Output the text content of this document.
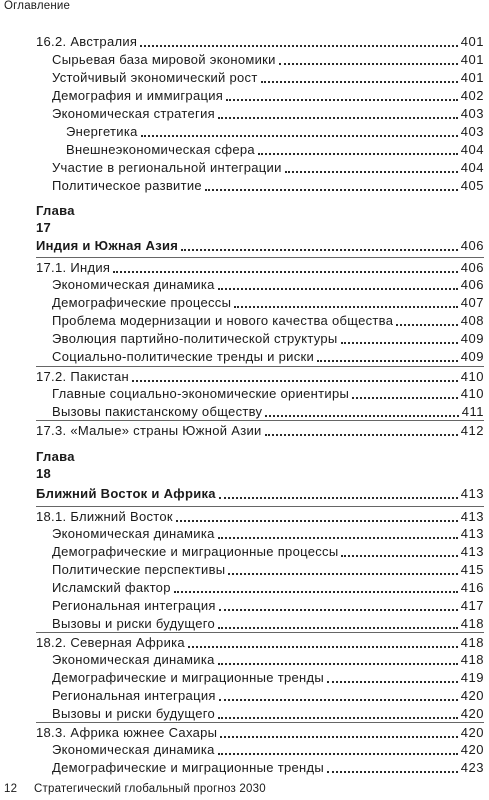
Оглавление
16.2. Австралия	401
Сырьевая база мировой экономики	401
Устойчивый экономический рост	401
Демография и иммиграция	402
Экономическая стратегия	403
Энергетика	403
Внешнеэкономическая сфера	404
Участие в региональной интеграции	404
Политическое развитие	405
Глава
17
Индия и Южная Азия	406
17.1. Индия	406
Экономическая динамика	406
Демографические процессы	407
Проблема модернизации и нового качества общества	408
Эволюция партийно-политической структуры	409
Социально-политические тренды и риски	409
17.2. Пакистан	410
Главные социально-экономические ориентиры	410
Вызовы пакистанскому обществу	411
17.3. «Малые» страны Южной Азии	412
Глава
18
Ближний Восток и Африка	413
18.1. Ближний Восток	413
Экономическая динамика	413
Демографические и миграционные процессы	413
Политические перспективы	415
Исламский фактор	416
Региональная интеграция	417
Вызовы и риски будущего	418
18.2. Северная Африка	418
Экономическая динамика	418
Демографические и миграционные тренды	419
Региональная интеграция	420
Вызовы и риски будущего	420
18.3. Африка южнее Сахары	420
Экономическая динамика	420
Демографические и миграционные тренды	423
12 Стратегический глобальный прогноз 2030
